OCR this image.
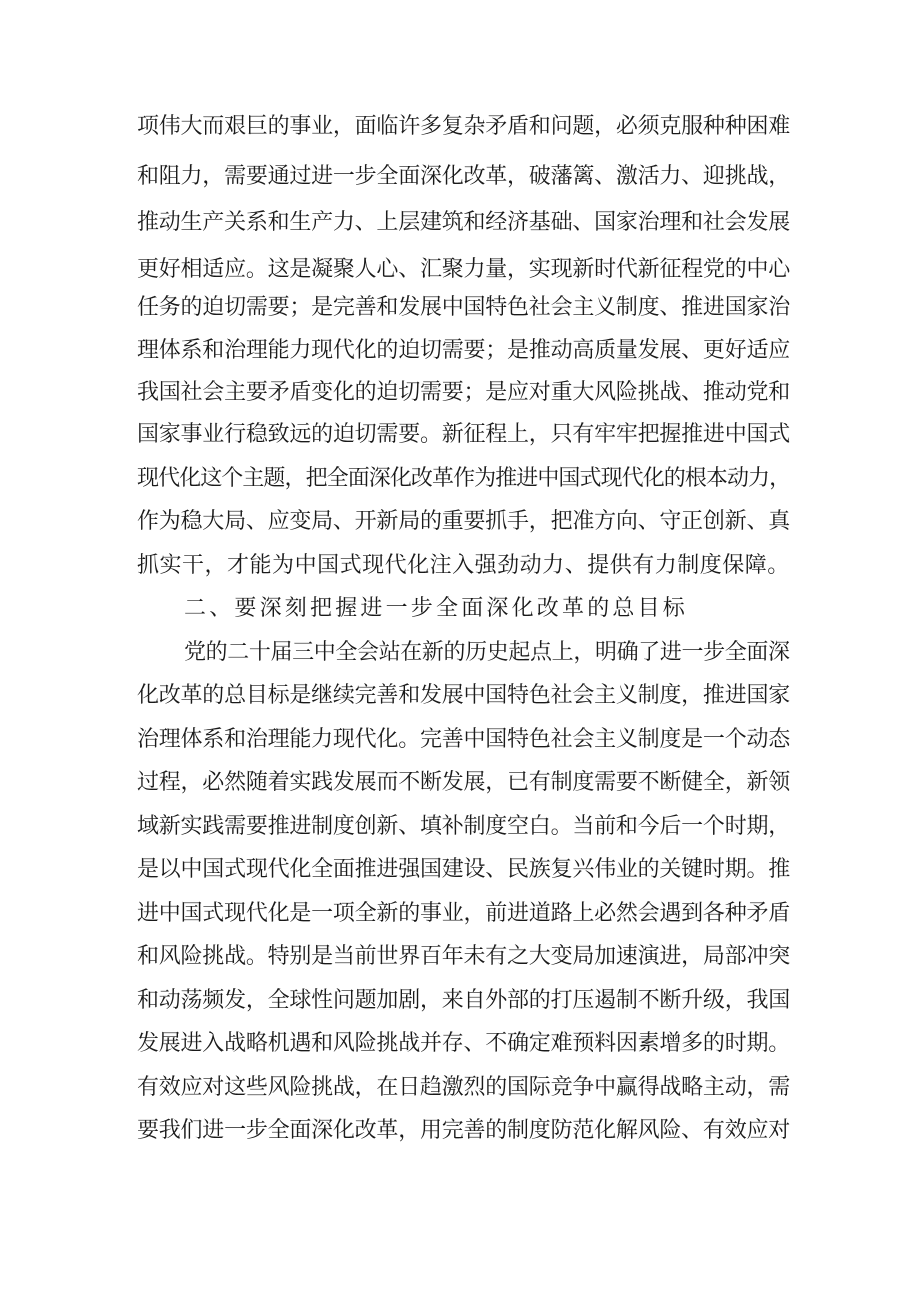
项伟大而艰巨的事业，面临许多复杂矛盾和问题，必须克服种种困难
和阻力，需要通过进一步全面深化改革，破藩篱、激活力、迎挑战，
推动生产关系和生产力、上层建筑和经济基础、国家治理和社会发展
更好相适应。这是凝聚人心、汇聚力量，实现新时代新征程党的中心
任务的迫切需要；是完善和发展中国特色社会主义制度、推进国家治
理体系和治理能力现代化的迫切需要；是推动高质量发展、更好适应
我国社会主要矛盾变化的迫切需要；是应对重大风险挑战、推动党和
国家事业行稳致远的迫切需要。新征程上，只有牢牢把握推进中国式
现代化这个主题，把全面深化改革作为推进中国式现代化的根本动力，
作为稳大局、应变局、开新局的重要抓手，把准方向、守正创新、真
抓实干，才能为中国式现代化注入强劲动力、提供有力制度保障。
二、要深刻把握进一步全面深化改革的总目标
党的二十届三中全会站在新的历史起点上，明确了进一步全面深
化改革的总目标是继续完善和发展中国特色社会主义制度，推进国家
治理体系和治理能力现代化。完善中国特色社会主义制度是一个动态
过程，必然随着实践发展而不断发展，已有制度需要不断健全，新领
域新实践需要推进制度创新、填补制度空白。当前和今后一个时期，
是以中国式现代化全面推进强国建设、民族复兴伟业的关键时期。推
进中国式现代化是一项全新的事业，前进道路上必然会遇到各种矛盾
和风险挑战。特别是当前世界百年未有之大变局加速演进，局部冲突
和动荡频发，全球性问题加剧，来自外部的打压遏制不断升级，我国
发展进入战略机遇和风险挑战并存、不确定难预料因素增多的时期。
有效应对这些风险挑战，在日趋激烈的国际竞争中赢得战略主动，需
要我们进一步全面深化改革，用完善的制度防范化解风险、有效应对
